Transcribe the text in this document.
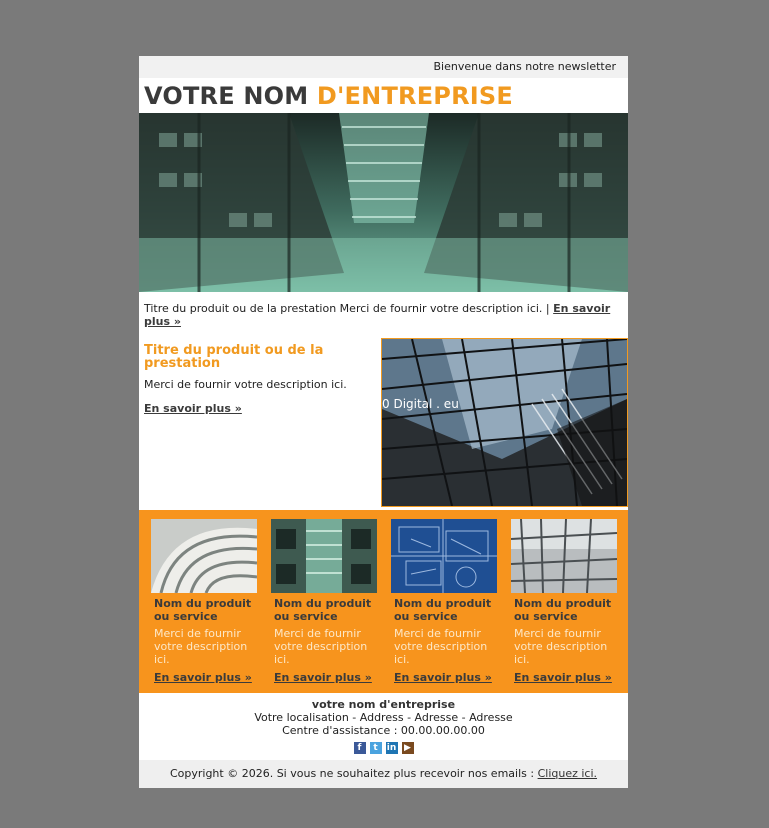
Bienvenue dans notre newsletter
VOTRE NOM D'ENTREPRISE
Titre du produit ou de la prestation Merci de fournir votre description ici. | En savoir plus »
Titre du produit ou de la prestation
Merci de fournir votre description ici.
En savoir plus »	0 Digital . eu
Nom du produit ou service
Merci de fournir votre description ici.
En savoir plus »
Nom du produit ou service
Merci de fournir votre description ici.
En savoir plus »
Nom du produit ou service
Merci de fournir votre description ici.
En savoir plus »
Nom du produit ou service
Merci de fournir votre description ici.
En savoir plus »
votre nom d'entreprise
Votre localisation - Address - Adresse - Adresse
Centre d'assistance : 00.00.00.00.00
f t in ▶
Copyright © 2026. Si vous ne souhaitez plus recevoir nos emails : Cliquez ici.
